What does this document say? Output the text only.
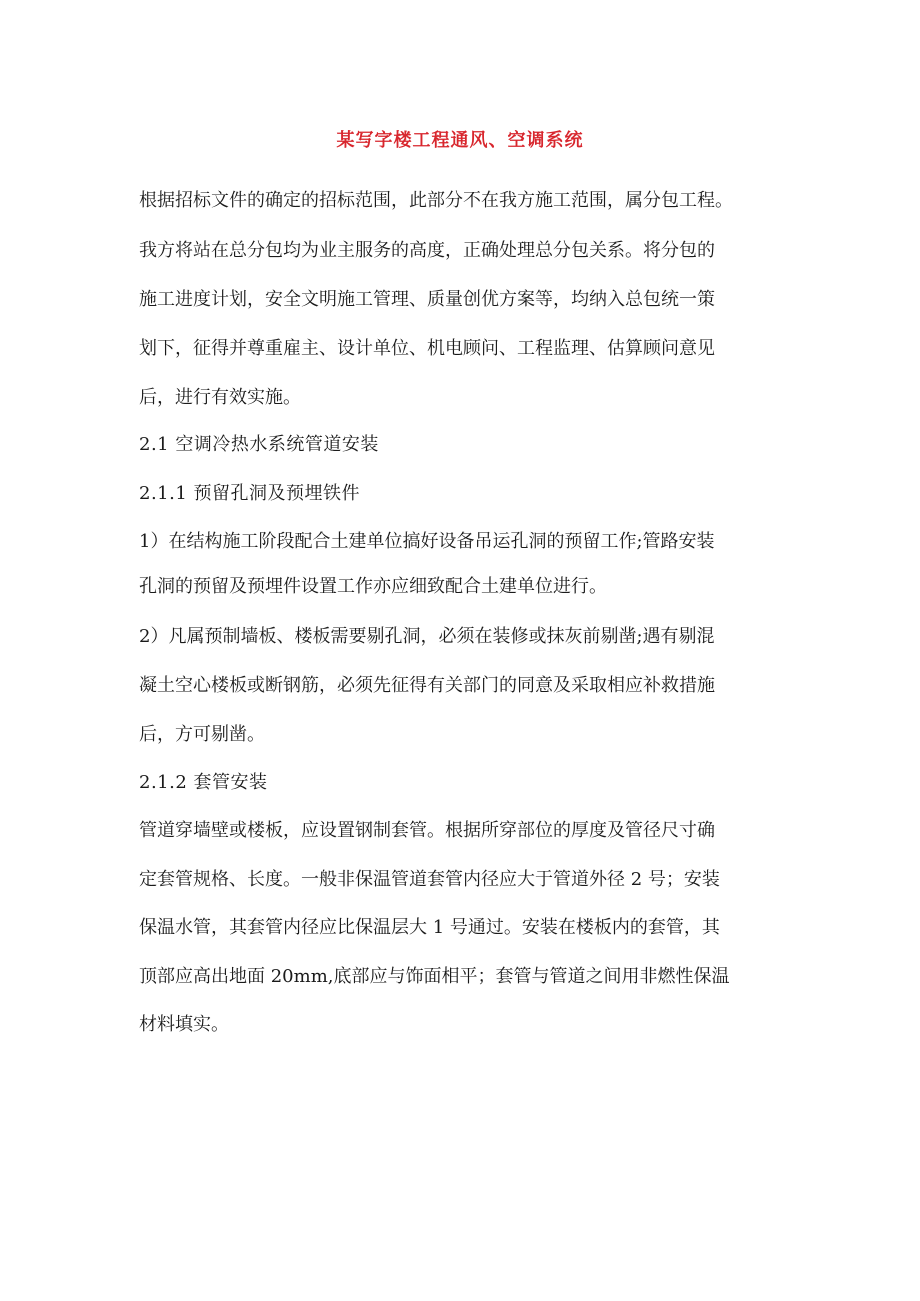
某写字楼工程通风、空调系统

根据招标文件的确定的招标范围，此部分不在我方施工范围，属分包工程。

我方将站在总分包均为业主服务的高度，正确处理总分包关系。将分包的

施工进度计划，安全文明施工管理、质量创优方案等，均纳入总包统一策

划下，征得并尊重雇主、设计单位、机电顾问、工程监理、估算顾问意见

后，进行有效实施。

2.1 空调冷热水系统管道安装

2.1.1 预留孔洞及预埋铁件

1）在结构施工阶段配合土建单位搞好设备吊运孔洞的预留工作;管路安装

孔洞的预留及预埋件设置工作亦应细致配合土建单位进行。

2）凡属预制墙板、楼板需要剔孔洞，必须在装修或抹灰前剔凿;遇有剔混

凝土空心楼板或断钢筋，必须先征得有关部门的同意及采取相应补救措施

后，方可剔凿。

2.1.2 套管安装

管道穿墙壁或楼板，应设置钢制套管。根据所穿部位的厚度及管径尺寸确

定套管规格、长度。一般非保温管道套管内径应大于管道外径 2 号；安装

保温水管，其套管内径应比保温层大 1 号通过。安装在楼板内的套管，其

顶部应高出地面 20mm,底部应与饰面相平；套管与管道之间用非燃性保温

材料填实。
